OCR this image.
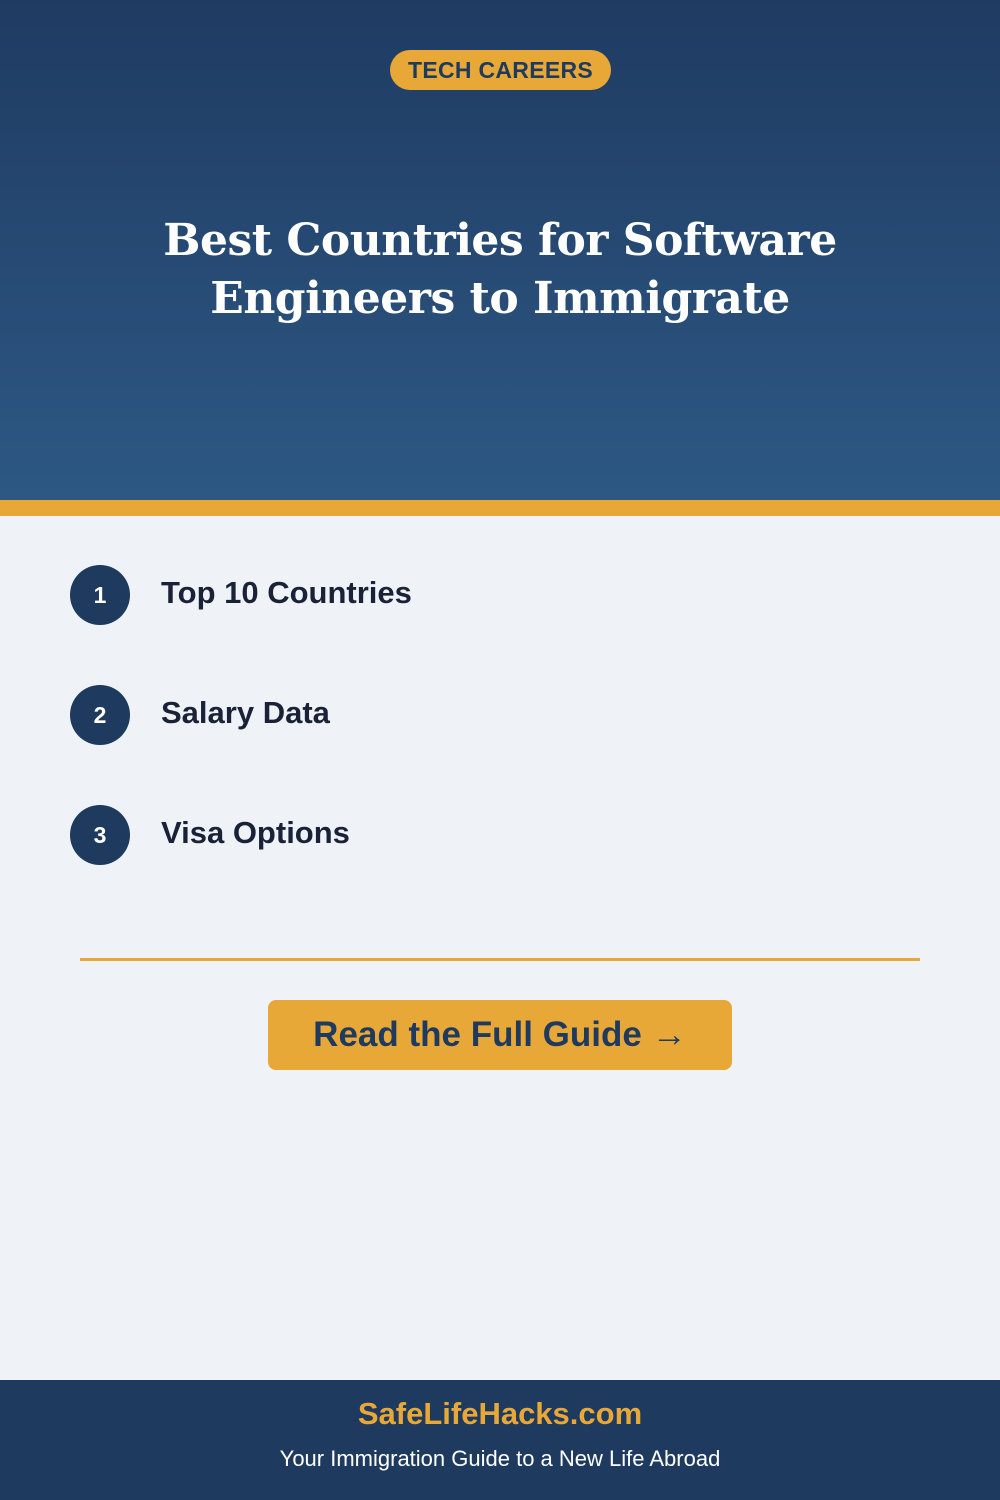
TECH CAREERS
Best Countries for Software Engineers to Immigrate
1	Top 10 Countries
2	Salary Data
3	Visa Options
Read the Full Guide →
SafeLifeHacks.com
Your Immigration Guide to a New Life Abroad
